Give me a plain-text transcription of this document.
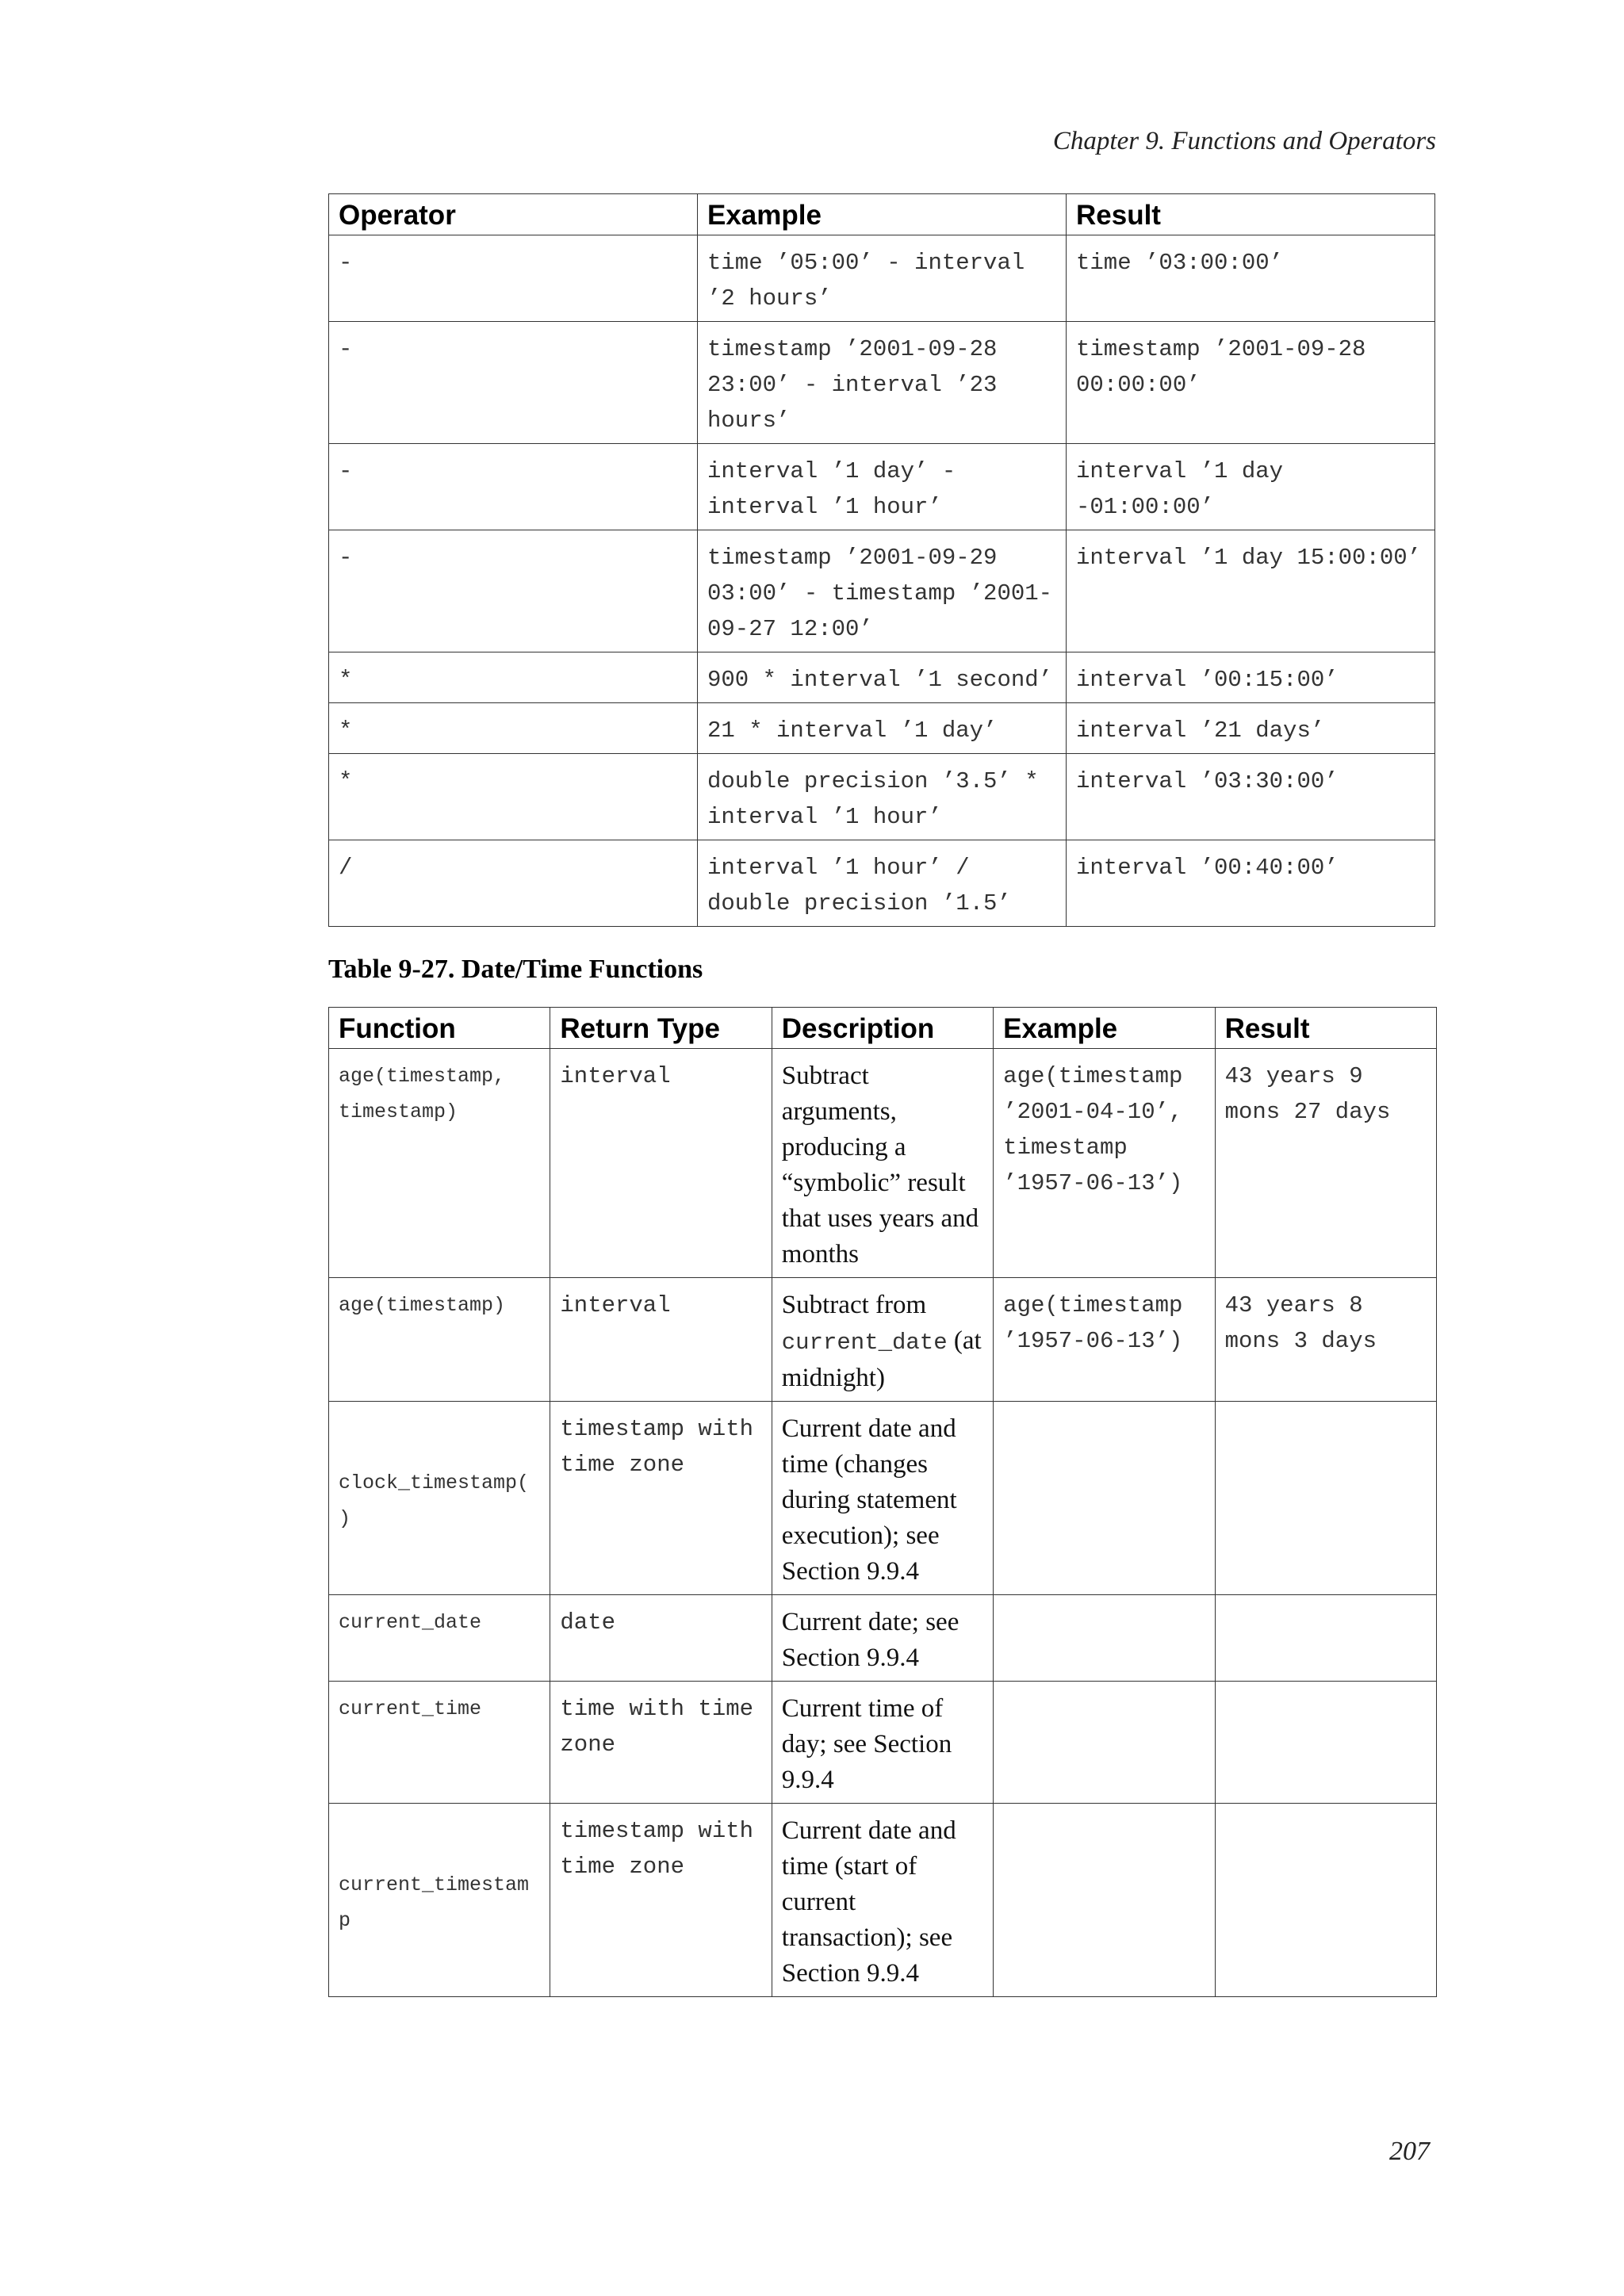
Chapter 9. Functions and Operators
Operator	Example	Result
-	time ’05:00’ - interval ’2 hours’	time ’03:00:00’
-	timestamp ’2001-09-28 23:00’ - interval ’23 hours’	timestamp ’2001-09-28 00:00:00’
-	interval ’1 day’ - interval ’1 hour’	interval ’1 day -01:00:00’
-	timestamp ’2001-09-29 03:00’ - timestamp ’2001-09-27 12:00’	interval ’1 day 15:00:00’
*	900 * interval ’1 second’	interval ’00:15:00’
*	21 * interval ’1 day’	interval ’21 days’
*	double precision ’3.5’ * interval ’1 hour’	interval ’03:30:00’
/	interval ’1 hour’ / double precision ’1.5’	interval ’00:40:00’
Table 9-27. Date/Time Functions
Function	Return Type	Description	Example	Result
age(timestamp, timestamp)	interval	Subtract arguments, producing a “symbolic” result that uses years and months	age(timestamp ’2001-04-10’, timestamp ’1957-06-13’)	43 years 9 mons 27 days
age(timestamp)	interval	Subtract from current_date (at midnight)	age(timestamp ’1957-06-13’)	43 years 8 mons 3 days
clock_timestamp()	timestamp with time zone	Current date and time (changes during statement execution); see Section 9.9.4		
current_date	date	Current date; see Section 9.9.4		
current_time	time with time zone	Current time of day; see Section 9.9.4		
current_timestamp	timestamp with time zone	Current date and time (start of current transaction); see Section 9.9.4		
207
